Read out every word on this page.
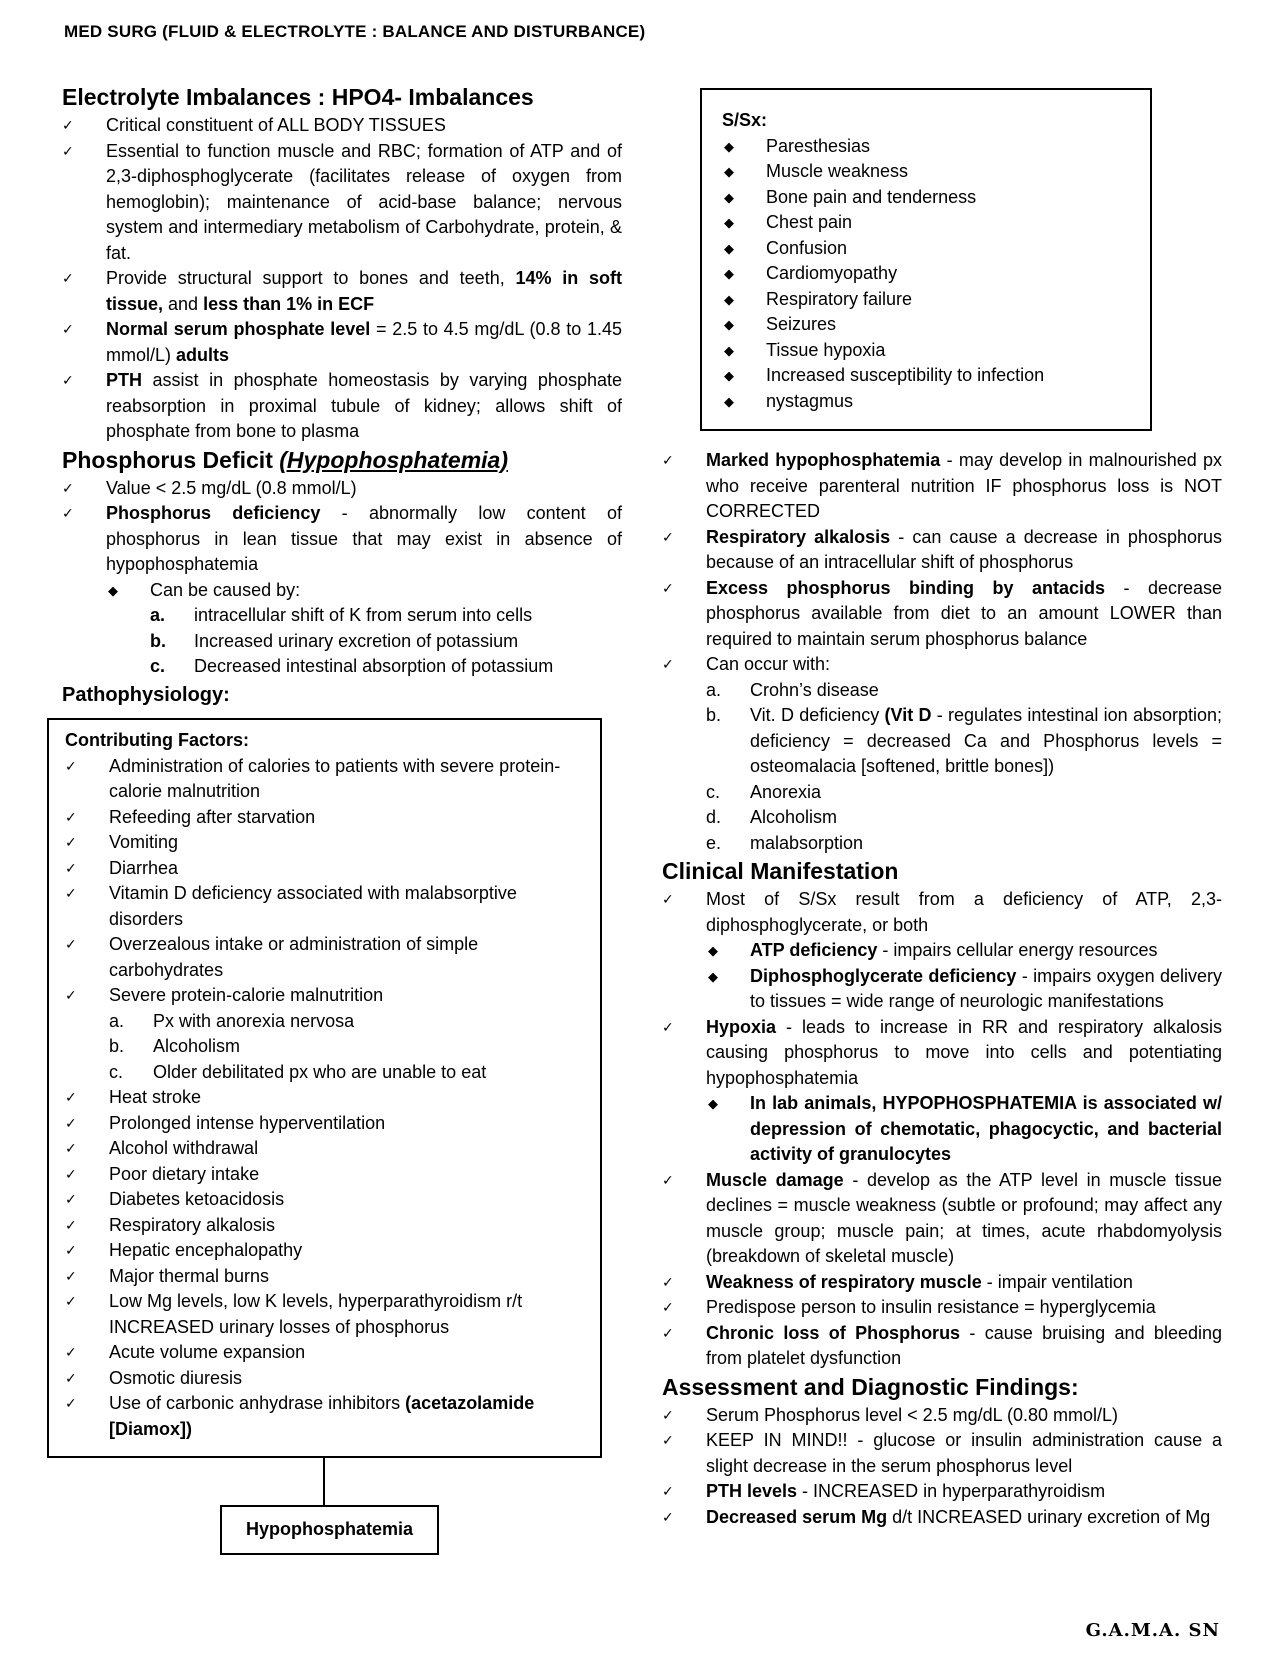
MED SURG (FLUID & ELECTROLYTE : BALANCE AND DISTURBANCE)
Electrolyte Imbalances : HPO4- Imbalances
✓ Critical constituent of ALL BODY TISSUES
✓ Essential to function muscle and RBC; formation of ATP and of 2,3-diphosphoglycerate (facilitates release of oxygen from hemoglobin); maintenance of acid-base balance; nervous system and intermediary metabolism of Carbohydrate, protein, & fat.
✓ Provide structural support to bones and teeth, 14% in soft tissue, and less than 1% in ECF
✓ Normal serum phosphate level = 2.5 to 4.5 mg/dL (0.8 to 1.45 mmol/L) adults
✓ PTH assist in phosphate homeostasis by varying phosphate reabsorption in proximal tubule of kidney; allows shift of phosphate from bone to plasma
Phosphorus Deficit (Hypophosphatemia)
✓ Value < 2.5 mg/dL (0.8 mmol/L)
✓ Phosphorus deficiency - abnormally low content of phosphorus in lean tissue that may exist in absence of hypophosphatemia
◆ Can be caused by:
a. intracellular shift of K from serum into cells
b. Increased urinary excretion of potassium
c. Decreased intestinal absorption of potassium
Pathophysiology:
Contributing Factors:
✓ Administration of calories to patients with severe protein-calorie malnutrition
✓ Refeeding after starvation
✓ Vomiting
✓ Diarrhea
✓ Vitamin D deficiency associated with malabsorptive disorders
✓ Overzealous intake or administration of simple carbohydrates
✓ Severe protein-calorie malnutrition
a. Px with anorexia nervosa
b. Alcoholism
c. Older debilitated px who are unable to eat
✓ Heat stroke
✓ Prolonged intense hyperventilation
✓ Alcohol withdrawal
✓ Poor dietary intake
✓ Diabetes ketoacidosis
✓ Respiratory alkalosis
✓ Hepatic encephalopathy
✓ Major thermal burns
✓ Low Mg levels, low K levels, hyperparathyroidism r/t INCREASED urinary losses of phosphorus
✓ Acute volume expansion
✓ Osmotic diuresis
✓ Use of carbonic anhydrase inhibitors (acetazolamide [Diamox])
Hypophosphatemia
S/Sx:
◆ Paresthesias
◆ Muscle weakness
◆ Bone pain and tenderness
◆ Chest pain
◆ Confusion
◆ Cardiomyopathy
◆ Respiratory failure
◆ Seizures
◆ Tissue hypoxia
◆ Increased susceptibility to infection
◆ nystagmus
✓ Marked hypophosphatemia - may develop in malnourished px who receive parenteral nutrition IF phosphorus loss is NOT CORRECTED
✓ Respiratory alkalosis - can cause a decrease in phosphorus because of an intracellular shift of phosphorus
✓ Excess phosphorus binding by antacids - decrease phosphorus available from diet to an amount LOWER than required to maintain serum phosphorus balance
✓ Can occur with:
a. Crohn’s disease
b. Vit. D deficiency (Vit D - regulates intestinal ion absorption; deficiency = decreased Ca and Phosphorus levels = osteomalacia [softened, brittle bones])
c. Anorexia
d. Alcoholism
e. malabsorption
Clinical Manifestation
✓ Most of S/Sx result from a deficiency of ATP, 2,3-diphosphoglycerate, or both
◆ ATP deficiency - impairs cellular energy resources
◆ Diphosphoglycerate deficiency - impairs oxygen delivery to tissues = wide range of neurologic manifestations
✓ Hypoxia - leads to increase in RR and respiratory alkalosis causing phosphorus to move into cells and potentiating hypophosphatemia
◆ In lab animals, HYPOPHOSPHATEMIA is associated w/ depression of chemotatic, phagocyctic, and bacterial activity of granulocytes
✓ Muscle damage - develop as the ATP level in muscle tissue declines = muscle weakness (subtle or profound; may affect any muscle group; muscle pain; at times, acute rhabdomyolysis (breakdown of skeletal muscle)
✓ Weakness of respiratory muscle - impair ventilation
✓ Predispose person to insulin resistance = hyperglycemia
✓ Chronic loss of Phosphorus - cause bruising and bleeding from platelet dysfunction
Assessment and Diagnostic Findings:
✓ Serum Phosphorus level < 2.5 mg/dL (0.80 mmol/L)
✓ KEEP IN MIND!! - glucose or insulin administration cause a slight decrease in the serum phosphorus level
✓ PTH levels - INCREASED in hyperparathyroidism
✓ Decreased serum Mg d/t INCREASED urinary excretion of Mg
G.A.M.A. SN
